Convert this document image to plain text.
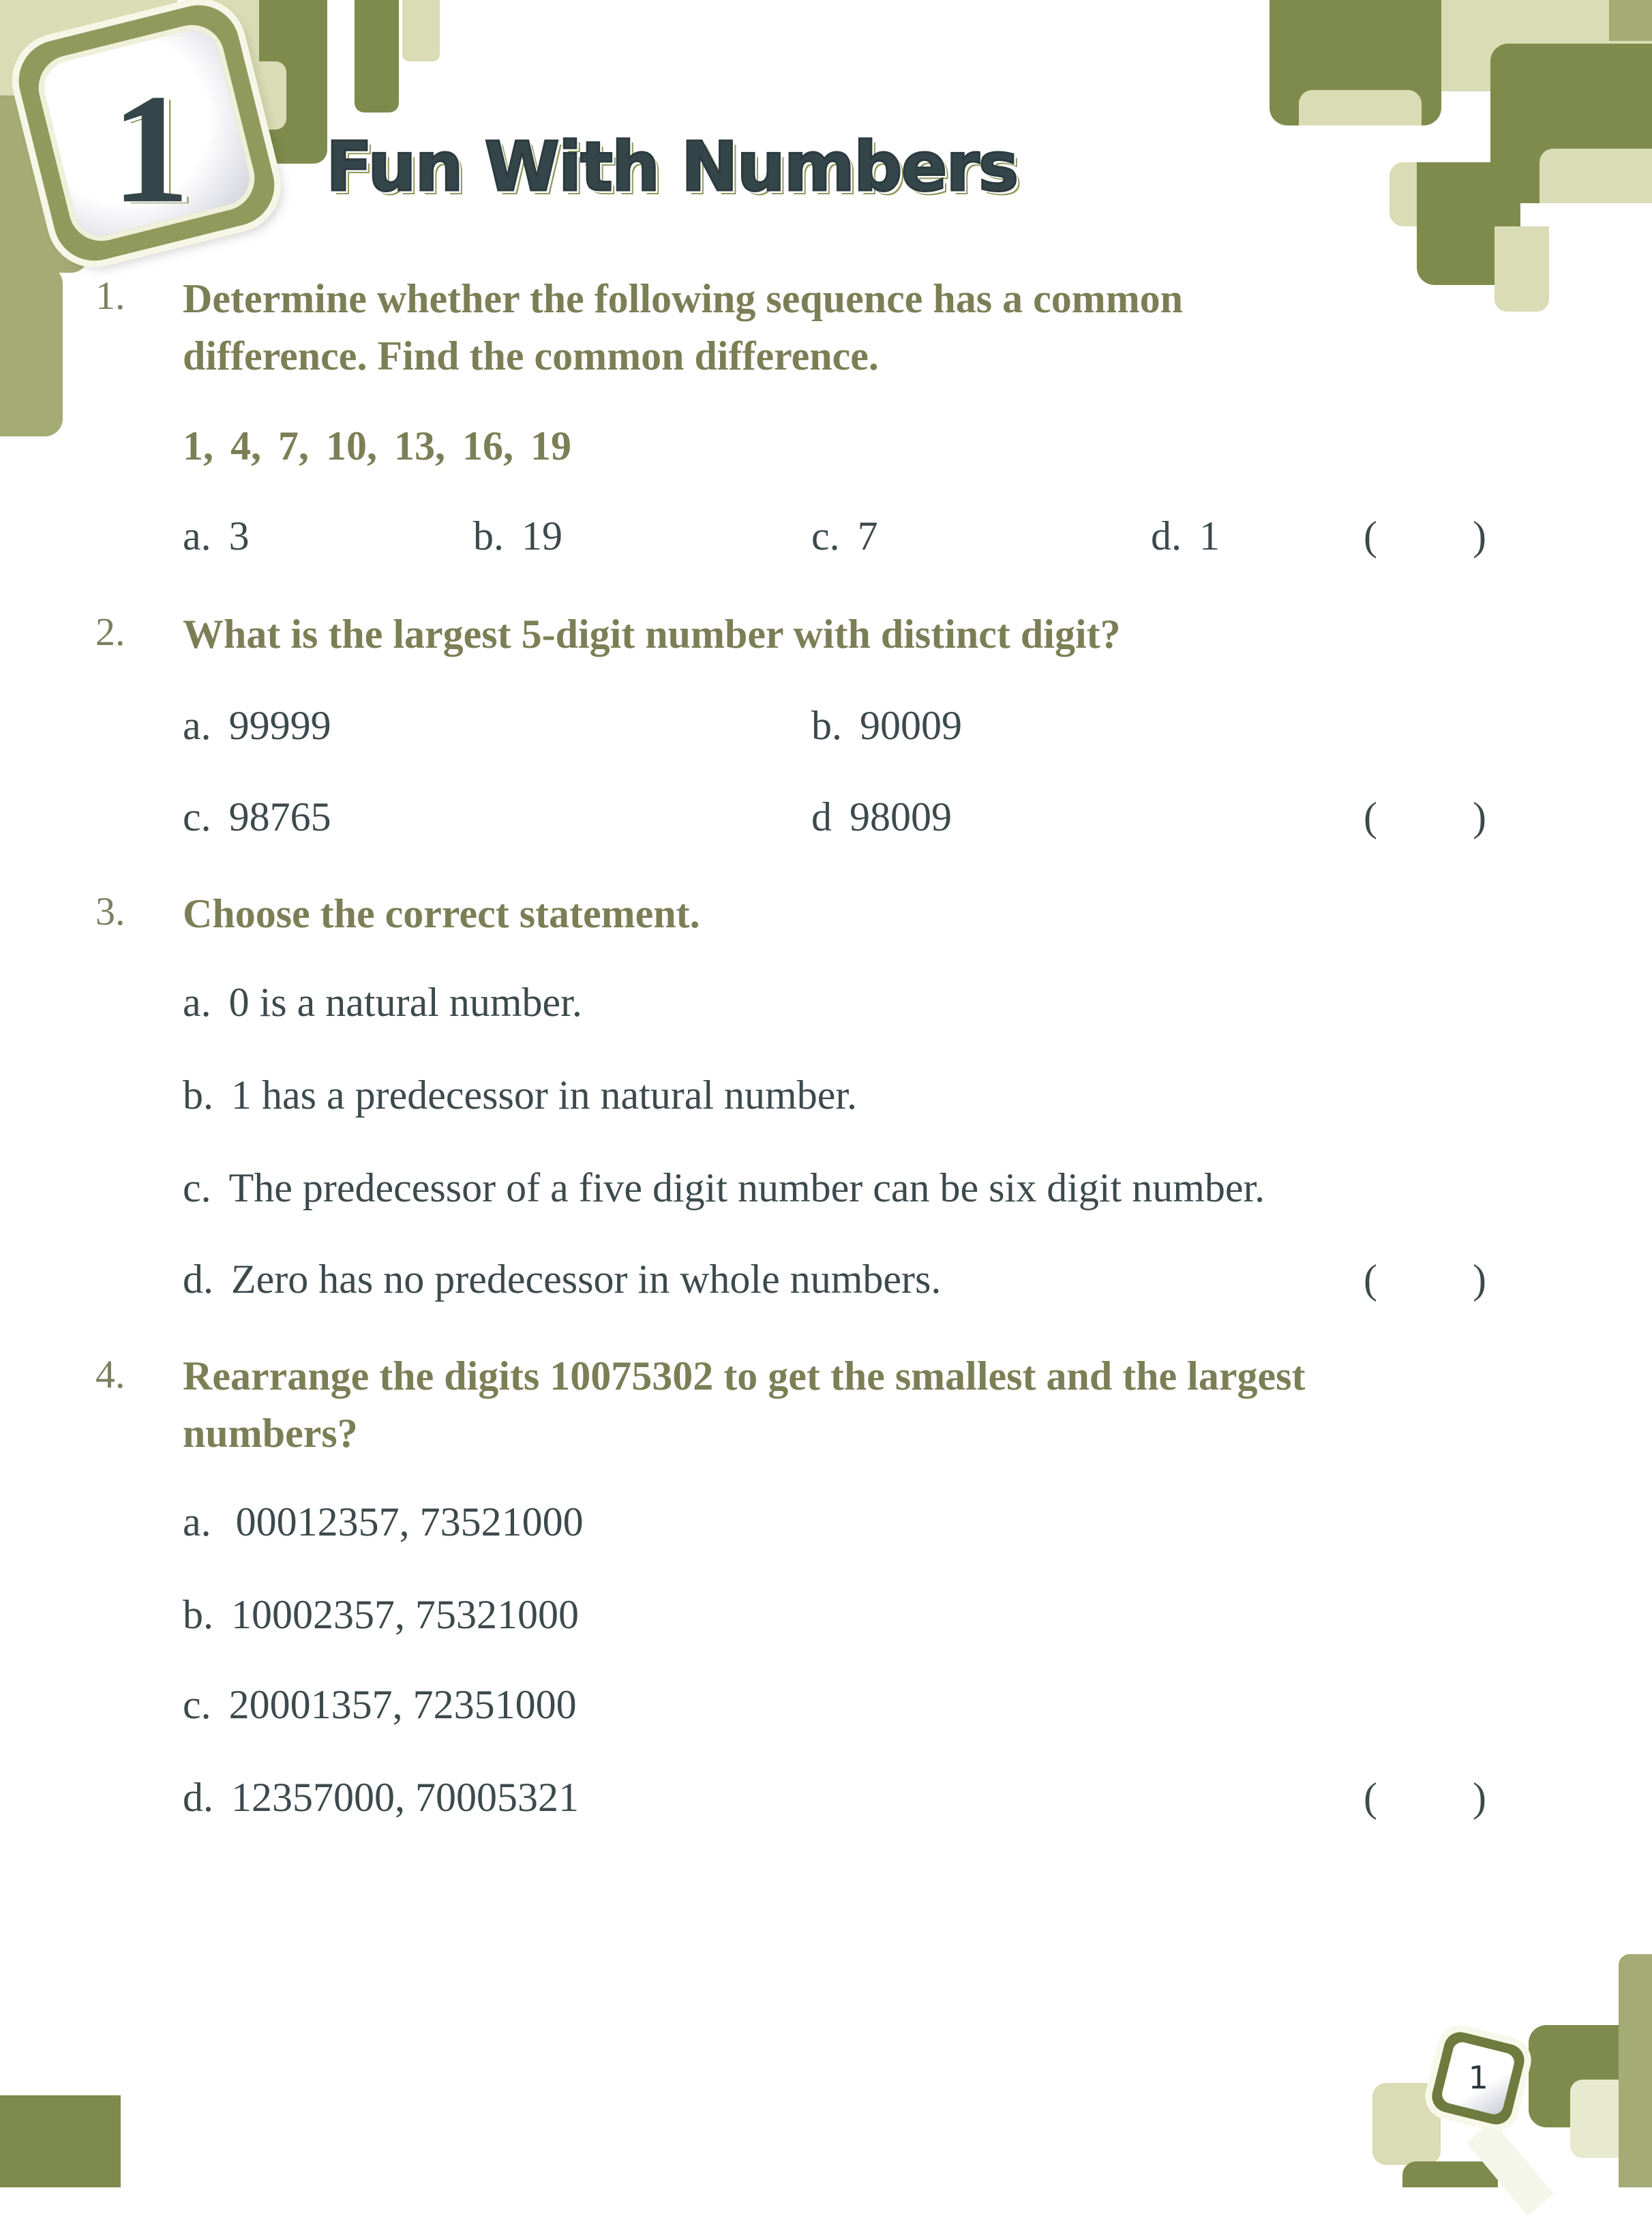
1	Fun With Numbers
1. Determine whether the following sequence has a common difference. Find the common difference.
1, 4, 7, 10, 13, 16, 19
a. 3	b. 19	c. 7	d. 1	( )
2. What is the largest 5-digit number with distinct digit?
a. 99999	b. 90009
c. 98765	d 98009	( )
3. Choose the correct statement.
a. 0 is a natural number.
b. 1 has a predecessor in natural number.
c. The predecessor of a five digit number can be six digit number.
d. Zero has no predecessor in whole numbers.	( )
4. Rearrange the digits 10075302 to get the smallest and the largest numbers?
a. 00012357, 73521000
b. 10002357, 75321000
c. 20001357, 72351000
d. 12357000, 70005321	( )
1
